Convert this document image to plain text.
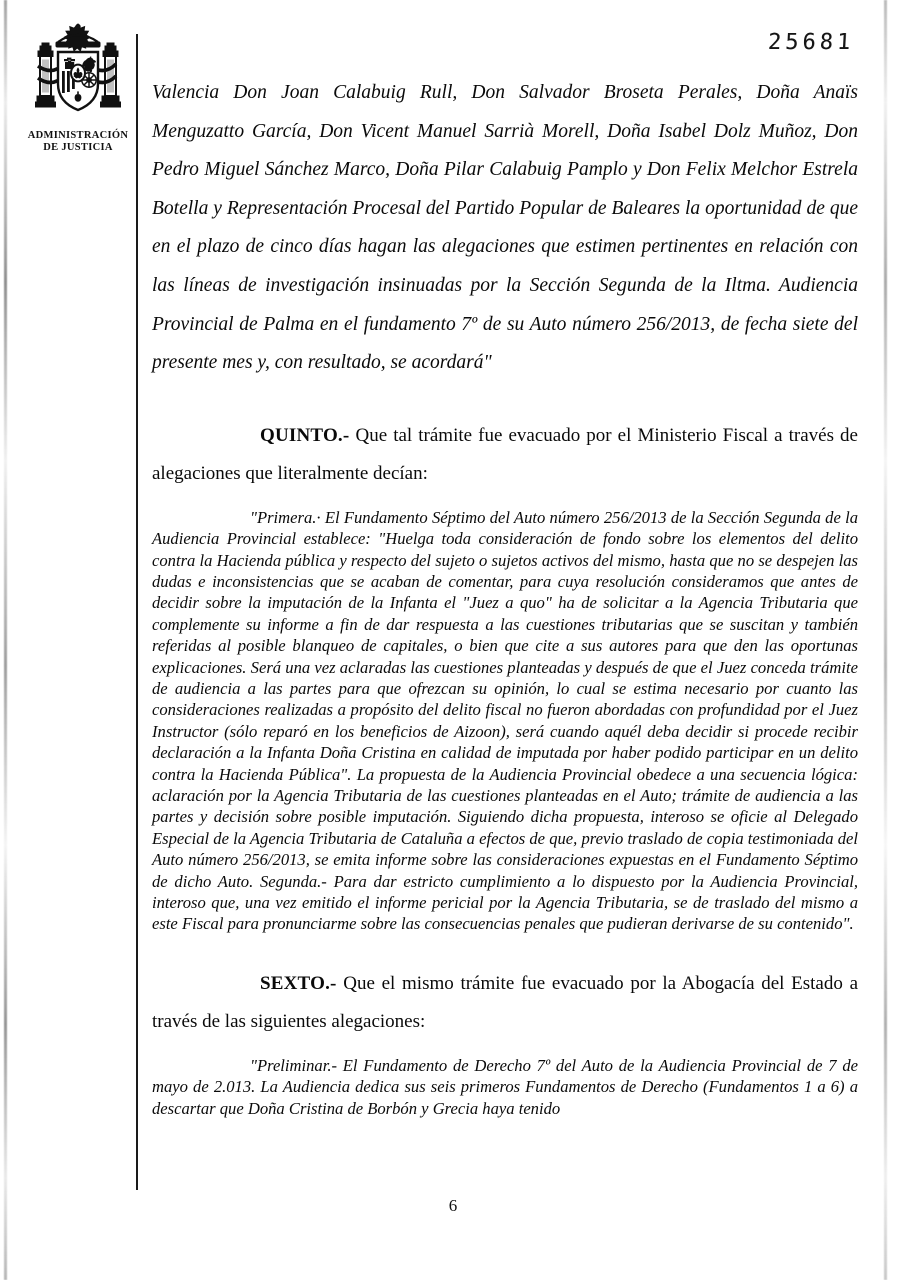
ADMINISTRACIÓN
DE JUSTICIA
25681

Valencia Don Joan Calabuig Rull, Don Salvador Broseta Perales, Doña Anaïs Menguzatto García, Don Vicent Manuel Sarrià Morell, Doña Isabel Dolz Muñoz, Don Pedro Miguel Sánchez Marco, Doña Pilar Calabuig Pamplo y Don Felix Melchor Estrela Botella y Representación Procesal del Partido Popular de Baleares la oportunidad de que en el plazo de cinco días hagan las alegaciones que estimen pertinentes en relación con las líneas de investigación insinuadas por la Sección Segunda de la Iltma. Audiencia Provincial de Palma en el fundamento 7º de su Auto número 256/2013, de fecha siete del presente mes y, con resultado, se acordará"

QUINTO.- Que tal trámite fue evacuado por el Ministerio Fiscal a través de alegaciones que literalmente decían:

"Primera.· El Fundamento Séptimo del Auto número 256/2013 de la Sección Segunda de la Audiencia Provincial establece: "Huelga toda consideración de fondo sobre los elementos del delito contra la Hacienda pública y respecto del sujeto o sujetos activos del mismo, hasta que no se despejen las dudas e inconsistencias que se acaban de comentar, para cuya resolución consideramos que antes de decidir sobre la imputación de la Infanta el "Juez a quo" ha de solicitar a la Agencia Tributaria que complemente su informe a fin de dar respuesta a las cuestiones tributarias que se suscitan y también referidas al posible blanqueo de capitales, o bien que cite a sus autores para que den las oportunas explicaciones. Será una vez aclaradas las cuestiones planteadas y después de que el Juez conceda trámite de audiencia a las partes para que ofrezcan su opinión, lo cual se estima necesario por cuanto las consideraciones realizadas a propósito del delito fiscal no fueron abordadas con profundidad por el Juez Instructor (sólo reparó en los beneficios de Aizoon), será cuando aquél deba decidir si procede recibir declaración a la Infanta Doña Cristina en calidad de imputada por haber podido participar en un delito contra la Hacienda Pública". La propuesta de la Audiencia Provincial obedece a una secuencia lógica: aclaración por la Agencia Tributaria de las cuestiones planteadas en el Auto; trámite de audiencia a las partes y decisión sobre posible imputación. Siguiendo dicha propuesta, interoso se oficie al Delegado Especial de la Agencia Tributaria de Cataluña a efectos de que, previo traslado de copia testimoniada del Auto número 256/2013, se emita informe sobre las consideraciones expuestas en el Fundamento Séptimo de dicho Auto. Segunda.- Para dar estricto cumplimiento a lo dispuesto por la Audiencia Provincial, interoso que, una vez emitido el informe pericial por la Agencia Tributaria, se de traslado del mismo a este Fiscal para pronunciarme sobre las consecuencias penales que pudieran derivarse de su contenido".

SEXTO.- Que el mismo trámite fue evacuado por la Abogacía del Estado a través de las siguientes alegaciones:

"Preliminar.- El Fundamento de Derecho 7º del Auto de la Audiencia Provincial de 7 de mayo de 2.013. La Audiencia dedica sus seis primeros Fundamentos de Derecho (Fundamentos 1 a 6) a descartar que Doña Cristina de Borbón y Grecia haya tenido

6
